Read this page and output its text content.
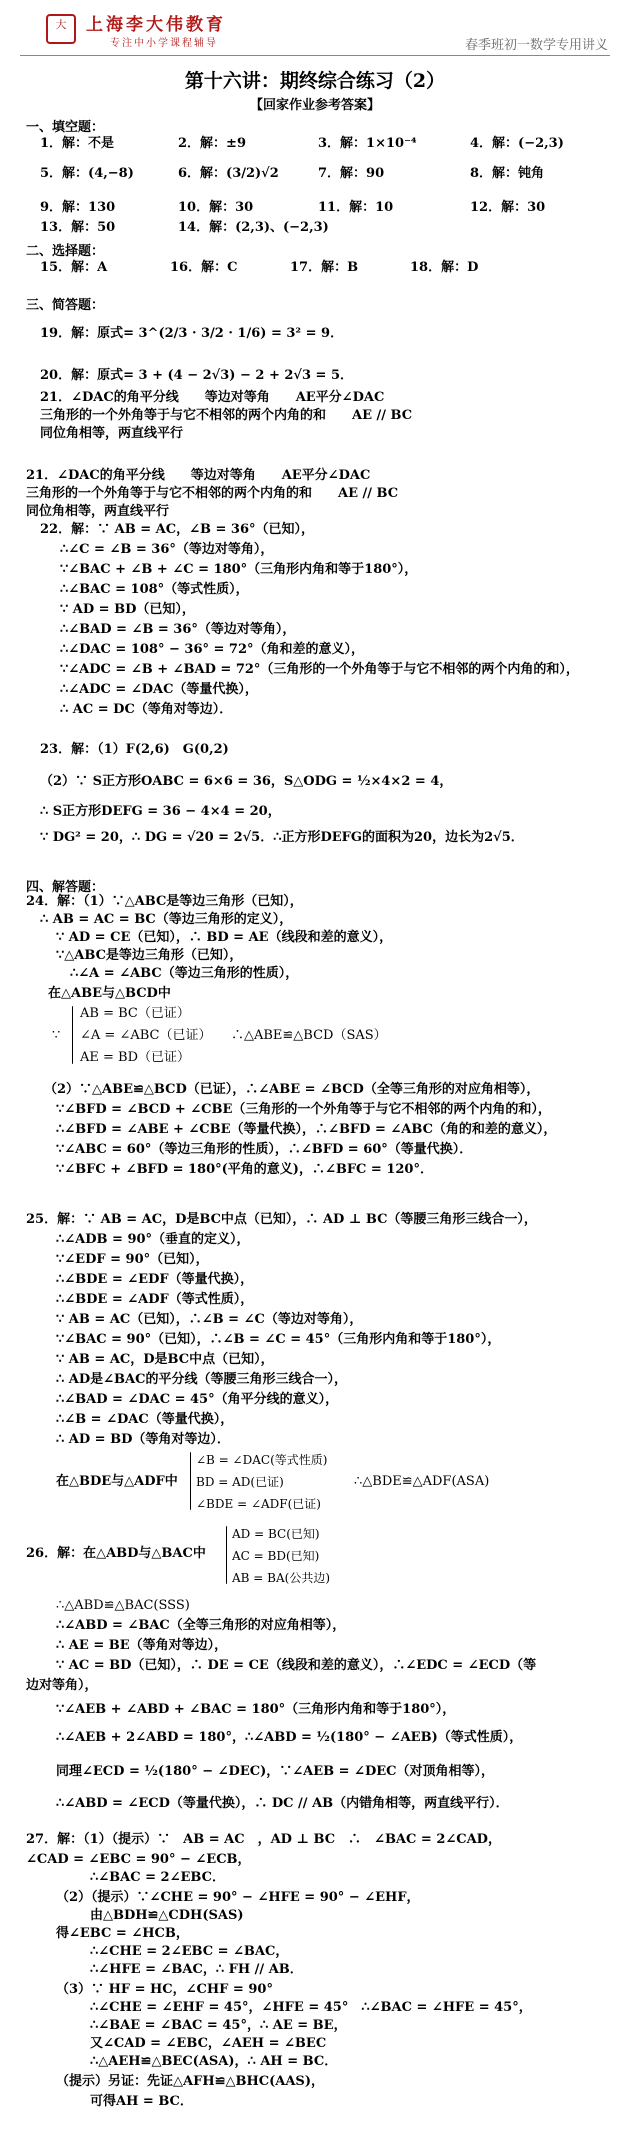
大	上海李大伟教育
专注中小学课程辅导	春季班初一数学专用讲义
第十六讲：期终综合练习（2）
【回家作业参考答案】
一、填空题：
1．解：不是	2．解：±9	3．解：1×10⁻⁴	4．解：(−2,3)
5．解：(4,−8)	6．解：(3/2)√2	7．解：90	8．解：钝角
9．解：130	10．解：30	11．解：10	12．解：30
13．解：50	14．解：(2,3)、(−2,3)
二、选择题：
15．解：A	16．解：C	17．解：B	18．解：D
三、简答题：
19．解：原式= 3^(2/3 · 3/2 · 1/6) = 3² = 9．
20．解：原式= 3 + (4 − 2√3) − 2 + 2√3 = 5．
21．∠DAC的角平分线　　等边对等角　　AE平分∠DAC
三角形的一个外角等于与它不相邻的两个内角的和　　AE // BC
同位角相等，两直线平行
21．∠DAC的角平分线　　等边对等角　　AE平分∠DAC
三角形的一个外角等于与它不相邻的两个内角的和　　AE // BC
同位角相等，两直线平行
22．解：∵ AB = AC，∠B = 36°（已知），
∴∠C = ∠B = 36°（等边对等角），
∵∠BAC + ∠B + ∠C = 180°（三角形内角和等于180°），
∴∠BAC = 108°（等式性质），
∵ AD = BD（已知），
∴∠BAD = ∠B = 36°（等边对等角），
∴∠DAC = 108° − 36° = 72°（角和差的意义），
∵∠ADC = ∠B + ∠BAD = 72°（三角形的一个外角等于与它不相邻的两个内角的和），
∴∠ADC = ∠DAC（等量代换），
∴ AC = DC（等角对等边）．
23．解：（1）F(2,6)　G(0,2)
（2）∵ S正方形OABC = 6×6 = 36，S△ODG = ½×4×2 = 4，
∴ S正方形DEFG = 36 − 4×4 = 20，
∵ DG² = 20，∴ DG = √20 = 2√5．∴正方形DEFG的面积为20，边长为2√5．
四、解答题：
24．解：（1）∵△ABC是等边三角形（已知），
∴ AB = AC = BC（等边三角形的定义），
∵ AD = CE（已知），∴ BD = AE（线段和差的意义），
∵△ABC是等边三角形（已知），
∴∠A = ∠ABC（等边三角形的性质），
在△ABE与△BCD中
∵
AB = BC（已证）
∠A = ∠ABC（已证）　　∴△ABE≌△BCD（SAS）
AE = BD（已证）
（2）∵△ABE≌△BCD（已证），∴∠ABE = ∠BCD（全等三角形的对应角相等），
∵∠BFD = ∠BCD + ∠CBE（三角形的一个外角等于与它不相邻的两个内角的和），
∴∠BFD = ∠ABE + ∠CBE（等量代换），∴∠BFD = ∠ABC（角的和差的意义），
∵∠ABC = 60°（等边三角形的性质），∴∠BFD = 60°（等量代换）．
∵∠BFC + ∠BFD = 180°(平角的意义)，∴∠BFC = 120°．
25．解：∵ AB = AC，D是BC中点（已知），∴ AD ⊥ BC（等腰三角形三线合一），
∴∠ADB = 90°（垂直的定义），
∵∠EDF = 90°（已知），
∴∠BDE = ∠EDF（等量代换），
∴∠BDE = ∠ADF（等式性质），
∵ AB = AC（已知），∴∠B = ∠C（等边对等角），
∵∠BAC = 90°（已知），∴∠B = ∠C = 45°（三角形内角和等于180°），
∵ AB = AC，D是BC中点（已知），
∴ AD是∠BAC的平分线（等腰三角形三线合一），
∴∠BAD = ∠DAC = 45°（角平分线的意义），
∴∠B = ∠DAC（等量代换），
∴ AD = BD（等角对等边）．
在△BDE与△ADF中
∠B = ∠DAC(等式性质)
BD = AD(已证)
∠BDE = ∠ADF(已证)
∴△BDE≌△ADF(ASA)
26．解：在△ABD与△BAC中
AD = BC(已知)
AC = BD(已知)
AB = BA(公共边)
∴△ABD≌△BAC(SSS)
∴∠ABD = ∠BAC（全等三角形的对应角相等），
∴ AE = BE（等角对等边），
∵ AC = BD（已知），∴ DE = CE（线段和差的意义），∴∠EDC = ∠ECD（等
边对等角），
∵∠AEB + ∠ABD + ∠BAC = 180°（三角形内角和等于180°），
∴∠AEB + 2∠ABD = 180°，∴∠ABD = ½(180° − ∠AEB)（等式性质），
同理∠ECD = ½(180° − ∠DEC)，∵∠AEB = ∠DEC（对顶角相等），
∴∠ABD = ∠ECD（等量代换），∴ DC // AB（内错角相等，两直线平行）．
27．解：（1）（提示）∵　AB = AC　，AD ⊥ BC　∴　∠BAC = 2∠CAD，
∠CAD = ∠EBC = 90° − ∠ECB，
∴∠BAC = 2∠EBC．
（2）（提示）∵∠CHE = 90° − ∠HFE = 90° − ∠EHF，
由△BDH≌△CDH(SAS)
得∠EBC = ∠HCB，
∴∠CHE = 2∠EBC = ∠BAC，
∴∠HFE = ∠BAC，∴ FH // AB．
（3）∵ HF = HC，∠CHF = 90°
∴∠CHE = ∠EHF = 45°，∠HFE = 45°　∴∠BAC = ∠HFE = 45°，
∴∠BAE = ∠BAC = 45°，∴ AE = BE，
又∠CAD = ∠EBC，∠AEH = ∠BEC
∴△AEH≌△BEC(ASA)，∴ AH = BC．
（提示）另证：先证△AFH≌△BHC(AAS)，
可得AH = BC．
